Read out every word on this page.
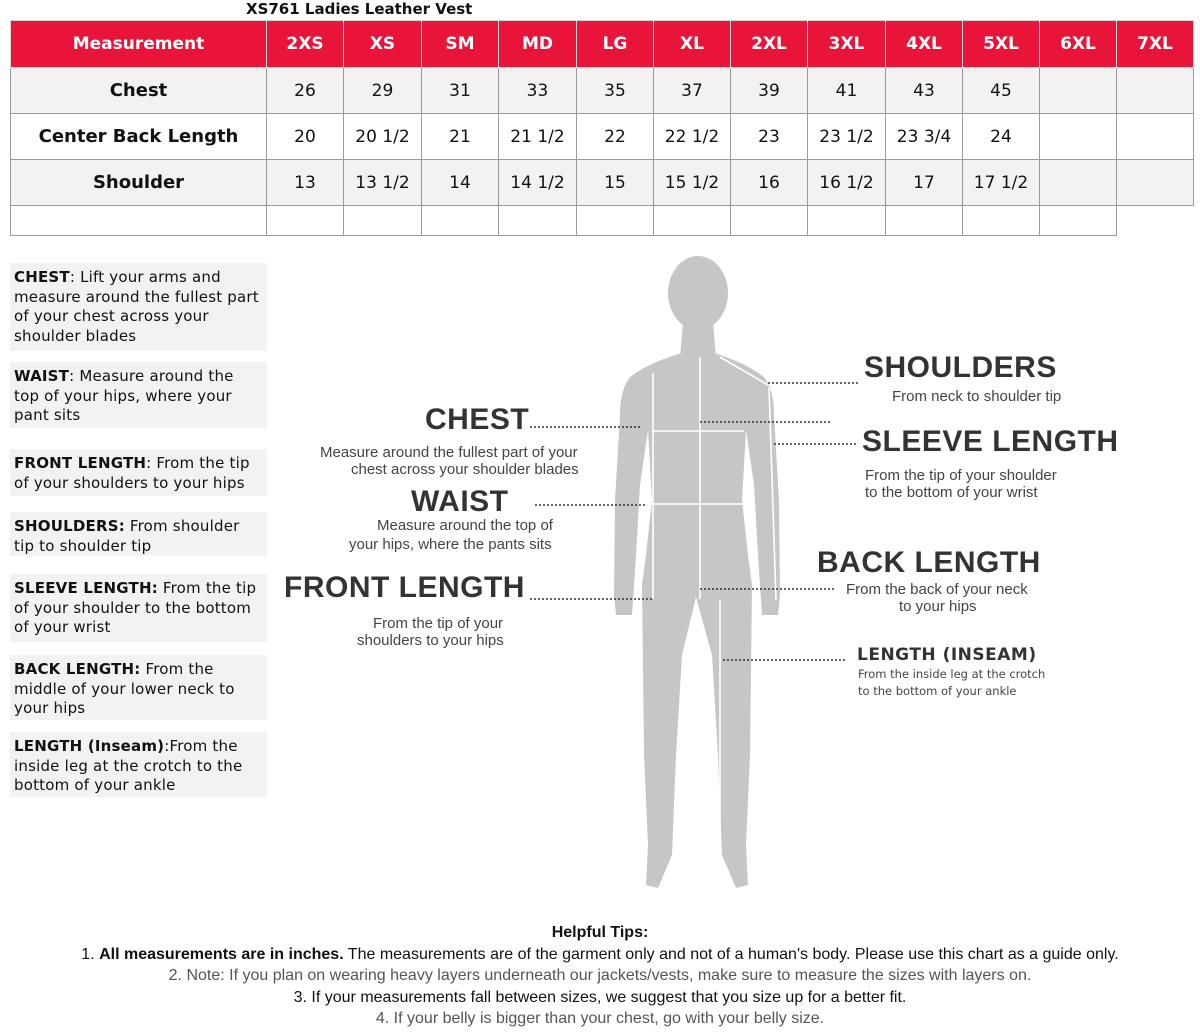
XS761 Ladies Leather Vest
Measurement	2XS	XS	SM	MD	LG	XL	2XL	3XL	4XL	5XL	6XL	7XL
Chest	26	29	31	33	35	37	39	41	43	45		
Center Back Length	20	20 1/2	21	21 1/2	22	22 1/2	23	23 1/2	23 3/4	24		
Shoulder	13	13 1/2	14	14 1/2	15	15 1/2	16	16 1/2	17	17 1/2		

CHEST: Lift your arms and measure around the fullest part of your chest across your shoulder blades
WAIST: Measure around the top of your hips, where your pant sits
FRONT LENGTH: From the tip of your shoulders to your hips
SHOULDERS: From shoulder tip to shoulder tip
SLEEVE LENGTH: From the tip of your shoulder to the bottom of your wrist
BACK LENGTH: From the middle of your lower neck to your hips
LENGTH (Inseam):From the inside leg at the crotch to the bottom of your ankle
CHEST
Measure around the fullest part of your
chest across your shoulder blades
WAIST
Measure around the top of
your hips, where the pants sits
FRONT LENGTH
From the tip of your
shoulders to your hips
SHOULDERS
From neck to shoulder tip
SLEEVE LENGTH
From the tip of your shoulder
to the bottom of your wrist
BACK LENGTH
From the back of your neck
to your hips
LENGTH (INSEAM)
From the inside leg at the crotch
to the bottom of your ankle
Helpful Tips:
1. All measurements are in inches. The measurements are of the garment only and not of a human's body. Please use this chart as a guide only.
2. Note: If you plan on wearing heavy layers underneath our jackets/vests, make sure to measure the sizes with layers on.
3. If your measurements fall between sizes, we suggest that you size up for a better fit.
4. If your belly is bigger than your chest, go with your belly size.
